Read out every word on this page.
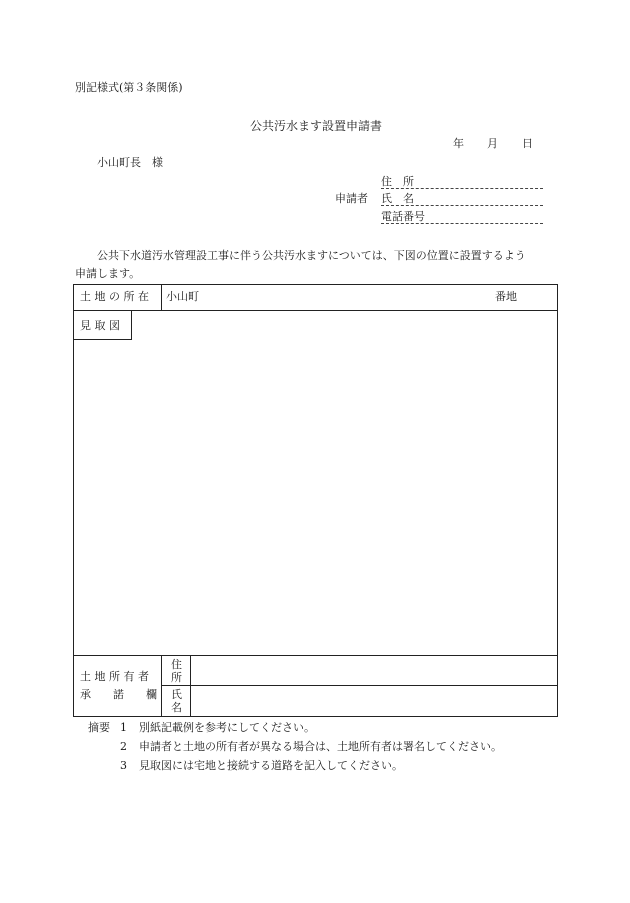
別記様式(第３条関係)
公共汚水ます設置申請書
年 月 日
小山町長　様
申請者
住　所
氏　名
電話番号
公共下水道汚水管理設工事に伴う公共汚水ますについては、下図の位置に設置するよう
申請します。
土 地 の 所 在 小山町	番地
見 取 図
土 地 所 有 者
承　　諾　　欄
住
所
氏
名
摘要 1 別紙記載例を参考にしてください。
2 申請者と土地の所有者が異なる場合は、土地所有者は署名してください。
3 見取図には宅地と接続する道路を記入してください。
